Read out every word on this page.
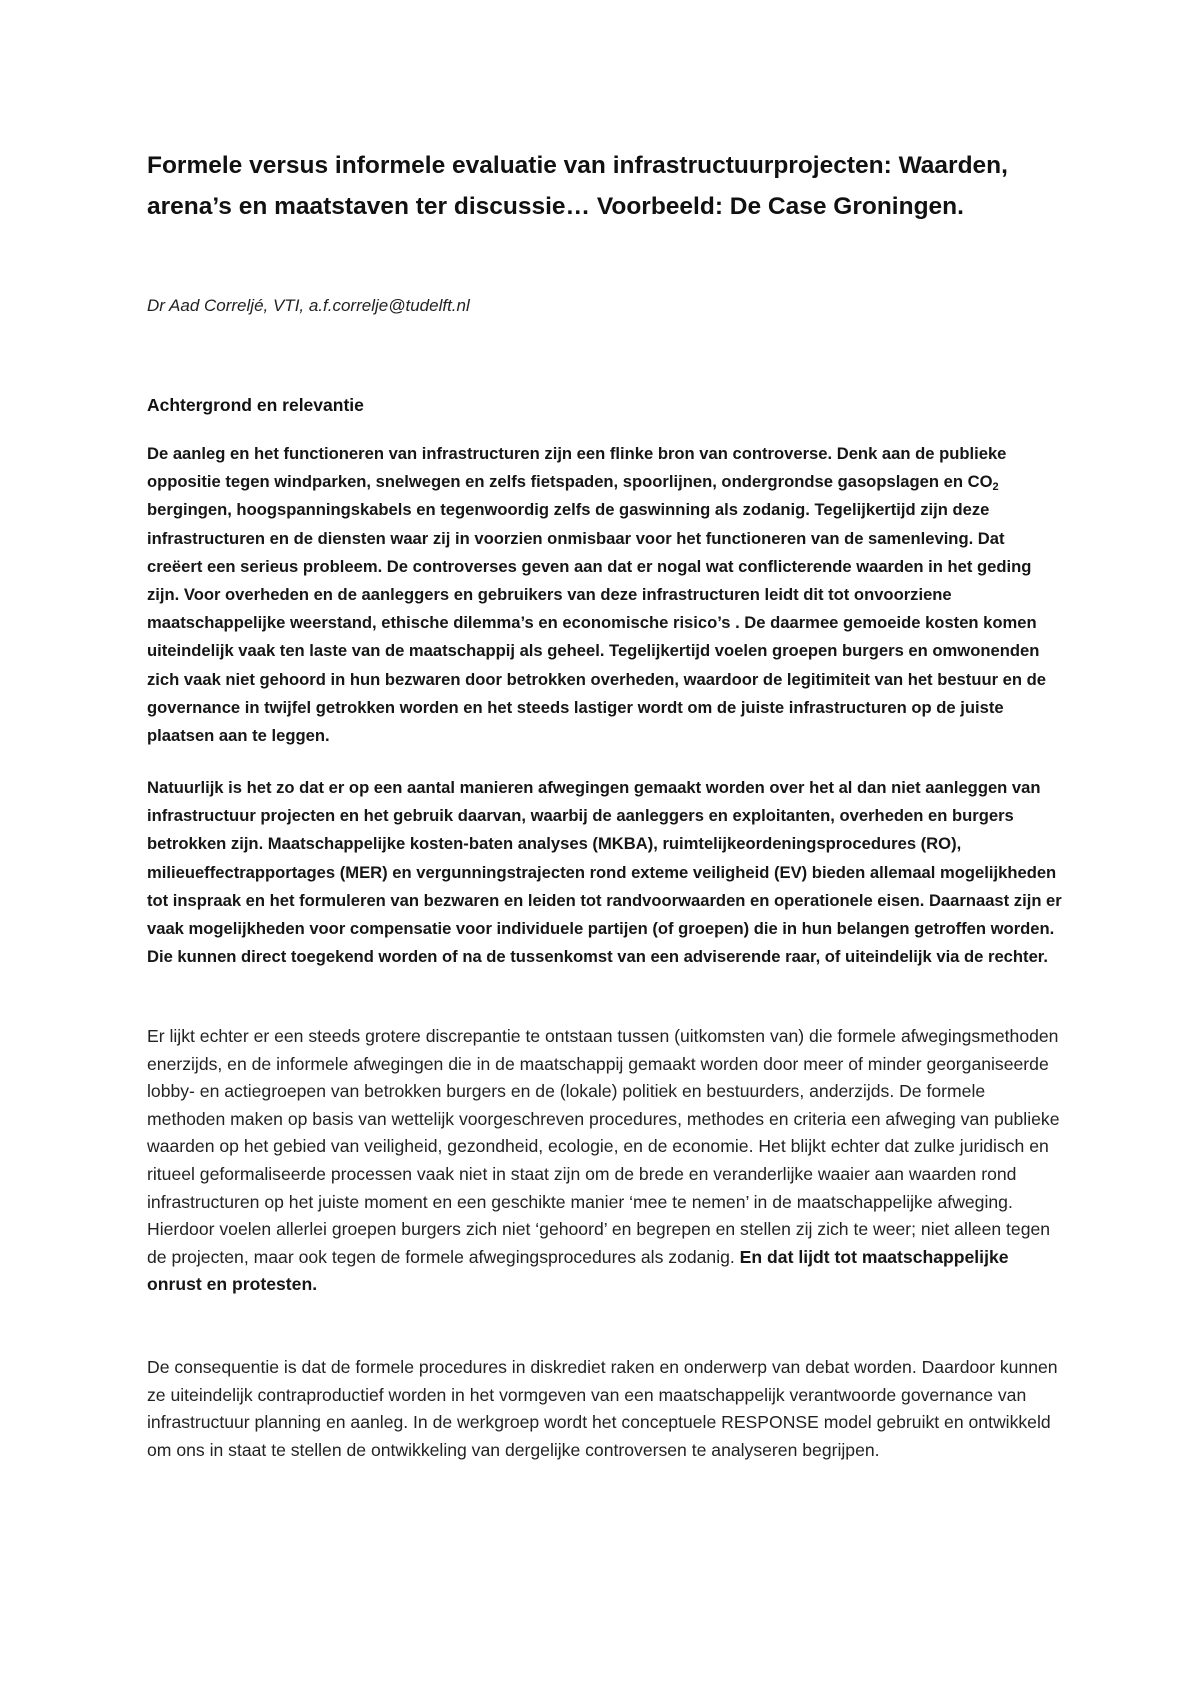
Formele versus informele evaluatie van infrastructuurprojecten: Waarden,
arena’s en maatstaven ter discussie… Voorbeeld: De Case Groningen.

Dr Aad Correljé, VTI, a.f.correlje@tudelft.nl

Achtergrond en relevantie

De aanleg en het functioneren van infrastructuren zijn een flinke bron van controverse. Denk aan de publieke oppositie tegen windparken, snelwegen en zelfs fietspaden, spoorlijnen, ondergrondse gasopslagen en $CO_2$ bergingen, hoogspanningskabels en tegenwoordig zelfs de gaswinning als zodanig. Tegelijkertijd zijn deze infrastructuren en de diensten waar zij in voorzien onmisbaar voor het functioneren van de samenleving. Dat creëert een serieus probleem. De controverses geven aan dat er nogal wat conflicterende waarden in het geding zijn. Voor overheden en de aanleggers en gebruikers van deze infrastructuren leidt dit tot onvoorziene maatschappelijke weerstand, ethische dilemma’s en economische risico’s . De daarmee gemoeide kosten komen uiteindelijk vaak ten laste van de maatschappij als geheel. Tegelijkertijd voelen groepen burgers en omwonenden zich vaak niet gehoord in hun bezwaren door betrokken overheden, waardoor de legitimiteit van het bestuur en de governance in twijfel getrokken worden en het steeds lastiger wordt om de juiste infrastructuren op de juiste plaatsen aan te leggen.

Natuurlijk is het zo dat er op een aantal manieren afwegingen gemaakt worden over het al dan niet aanleggen van infrastructuur projecten en het gebruik daarvan, waarbij de aanleggers en exploitanten, overheden en burgers betrokken zijn. Maatschappelijke kosten-baten analyses (MKBA), ruimtelijkeordeningsprocedures (RO), milieueffectrapportages (MER) en vergunningstrajecten rond exteme veiligheid (EV) bieden allemaal mogelijkheden tot inspraak en het formuleren van bezwaren en leiden tot randvoorwaarden en operationele eisen. Daarnaast zijn er vaak mogelijkheden voor compensatie voor individuele partijen (of groepen) die in hun belangen getroffen worden. Die kunnen direct toegekend worden of na de tussenkomst van een adviserende raar, of uiteindelijk via de rechter.

Er lijkt echter er een steeds grotere discrepantie te ontstaan tussen (uitkomsten van) die formele afwegingsmethoden enerzijds, en de informele afwegingen die in de maatschappij gemaakt worden door meer of minder georganiseerde lobby- en actiegroepen van betrokken burgers en de (lokale) politiek en bestuurders, anderzijds. De formele methoden maken op basis van wettelijk voorgeschreven procedures, methodes en criteria een afweging van publieke waarden op het gebied van veiligheid, gezondheid, ecologie, en de economie. Het blijkt echter dat zulke juridisch en ritueel geformaliseerde processen vaak niet in staat zijn om de brede en veranderlijke waaier aan waarden rond infrastructuren op het juiste moment en een geschikte manier ‘mee te nemen’ in de maatschappelijke afweging. Hierdoor voelen allerlei groepen burgers zich niet ‘gehoord’ en begrepen en stellen zij zich te weer; niet alleen tegen de projecten, maar ook tegen de formele afwegingsprocedures als zodanig. En dat lijdt tot maatschappelijke onrust en protesten.

De consequentie is dat de formele procedures in diskrediet raken en onderwerp van debat worden. Daardoor kunnen ze uiteindelijk contraproductief worden in het vormgeven van een maatschappelijk verantwoorde governance van infrastructuur planning en aanleg. In de werkgroep wordt het conceptuele RESPONSE model gebruikt en ontwikkeld om ons in staat te stellen de ontwikkeling van dergelijke controversen te analyseren begrijpen.
